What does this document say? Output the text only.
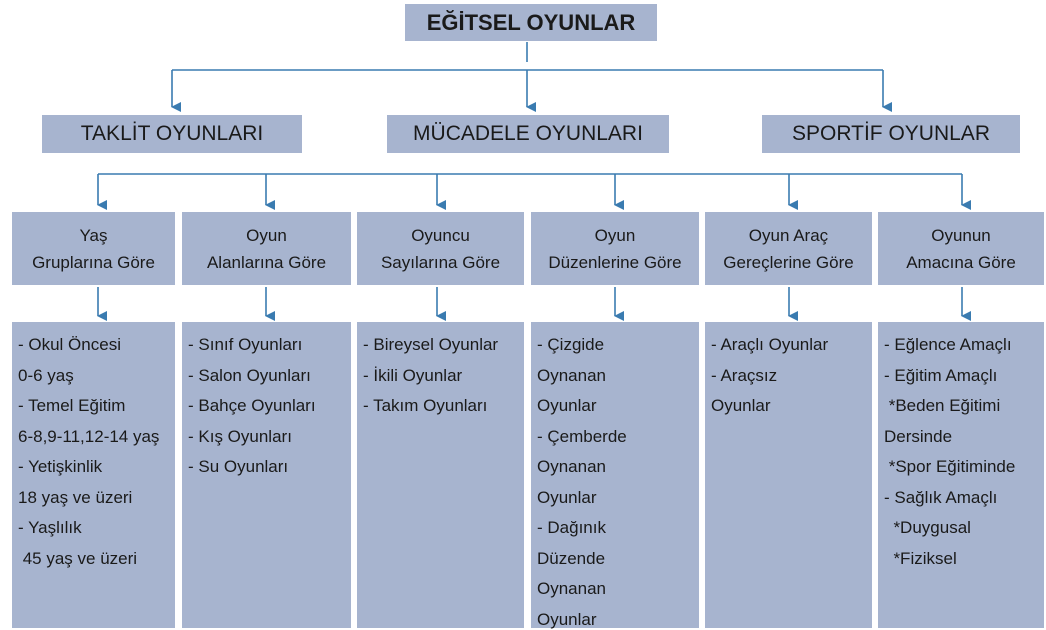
EĞİTSEL OYUNLAR
TAKLİT OYUNLARI	MÜCADELE OYUNLARI	SPORTİF OYUNLAR
Yaş
Gruplarına Göre
Oyun
Alanlarına Göre
Oyuncu
Sayılarına Göre
Oyun
Düzenlerine Göre
Oyun Araç
Gereçlerine Göre
Oyunun
Amacına Göre
- Okul Öncesi
0-6 yaş
- Temel Eğitim
6-8,9-11,12-14 yaş
- Yetişkinlik
18 yaş ve üzeri
- Yaşlılık
45 yaş ve üzeri
- Sınıf Oyunları
- Salon Oyunları
- Bahçe Oyunları
- Kış Oyunları
- Su Oyunları
- Bireysel Oyunlar
- İkili Oyunlar
- Takım Oyunları
- Çizgide
Oynanan
Oyunlar
- Çemberde
Oynanan
Oyunlar
- Dağınık
Düzende
Oynanan
Oyunlar
- Araçlı Oyunlar
- Araçsız
Oyunlar
- Eğlence Amaçlı
- Eğitim Amaçlı
*Beden Eğitimi
Dersinde
*Spor Eğitiminde
- Sağlık Amaçlı
*Duygusal
*Fiziksel
